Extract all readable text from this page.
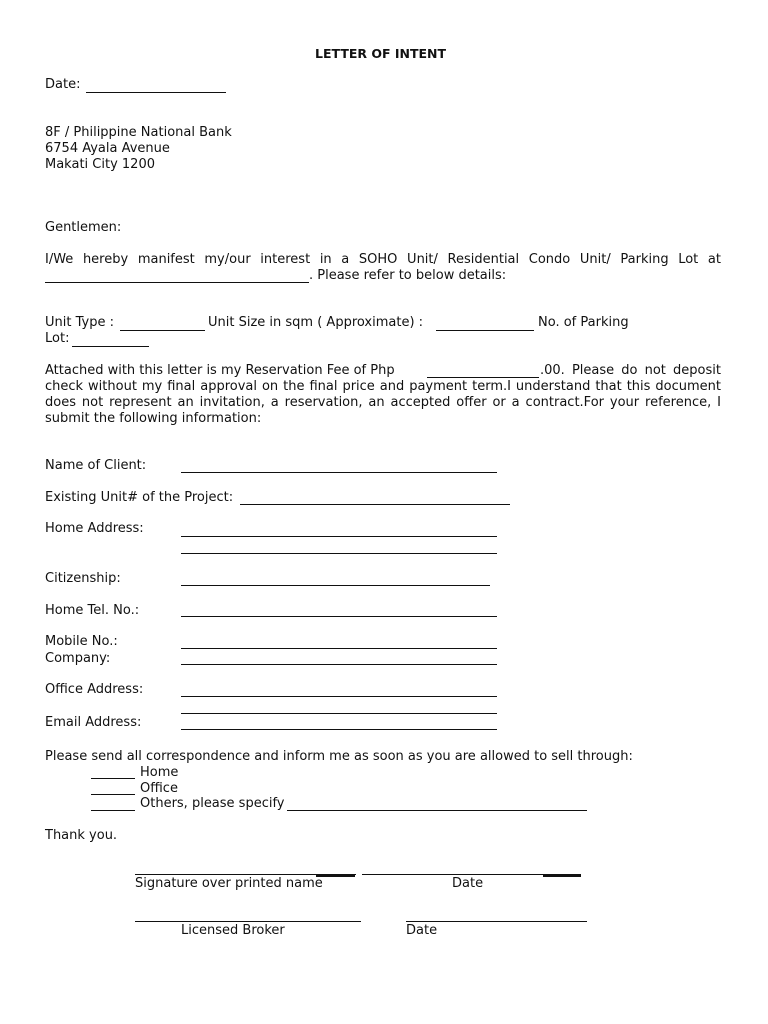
LETTER OF INTENT
Date:
8F / Philippine National Bank
6754 Ayala Avenue
Makati City 1200
Gentlemen:
I/We hereby manifest my/our interest in a SOHO Unit/ Residential Condo Unit/ Parking Lot at
. Please refer to below details:
Unit Type :	Unit Size in sqm ( Approximate) :	No. of Parking
Lot:
Attached with this letter is my Reservation Fee of Php	.00. Please do not deposit
check without my final approval on the final price and payment term.I understand that this document
does not represent an invitation, a reservation, an accepted offer or a contract.For your reference, I
submit the following information:
Name of Client:
Existing Unit# of the Project:
Home Address:
Citizenship:
Home Tel. No.:
Mobile No.:
Company:
Office Address:
Email Address:
Please send all correspondence and inform me as soon as you are allowed to sell through:
Home
Office
Others, please specify
Thank you.
Signature over printed name	Date
Licensed Broker	Date
